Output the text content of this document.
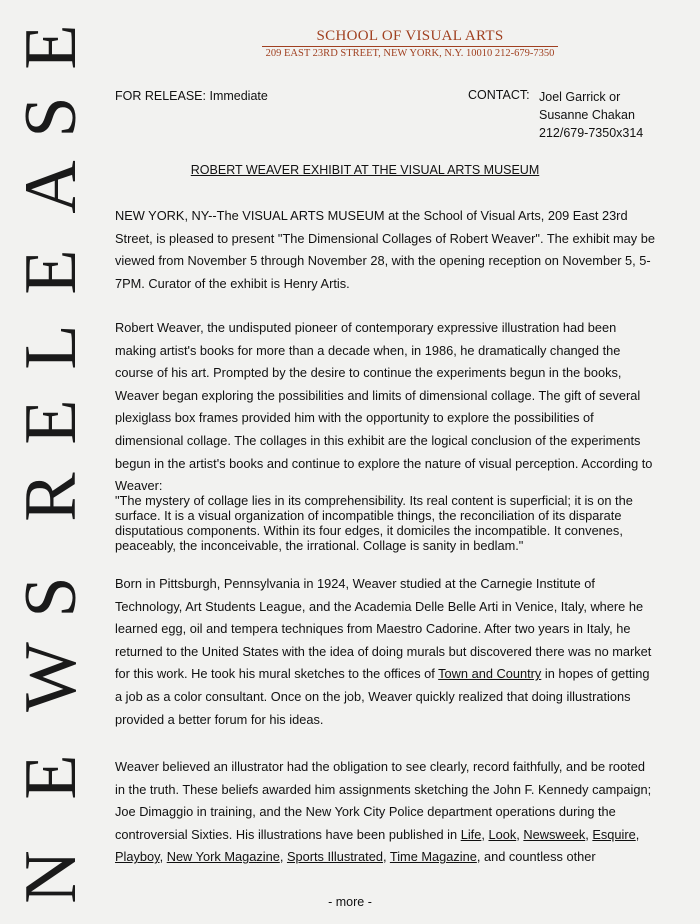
N
E
W
S
R
E
L
E
A
S
E	SCHOOL OF VISUAL ARTS
209 EAST 23RD STREET, NEW YORK, N.Y. 10010 212-679-7350
FOR RELEASE: Immediate	CONTACT: Joel Garrick or
Susanne Chakan
212/679-7350x314
ROBERT WEAVER EXHIBIT AT THE VISUAL ARTS MUSEUM

NEW YORK, NY--The VISUAL ARTS MUSEUM at the School of Visual Arts, 209 East 23rd Street, is pleased to present "The Dimensional Collages of Robert Weaver". The exhibit may be viewed from November 5 through November 28, with the opening reception on November 5, 5-7PM. Curator of the exhibit is Henry Artis.

Robert Weaver, the undisputed pioneer of contemporary expressive illustration had been making artist's books for more than a decade when, in 1986, he dramatically changed the course of his art. Prompted by the desire to continue the experiments begun in the books, Weaver began exploring the possibilities and limits of dimensional collage. The gift of several plexiglass box frames provided him with the opportunity to explore the possibilities of dimensional collage. The collages in this exhibit are the logical conclusion of the experiments begun in the artist's books and continue to explore the nature of visual perception. According to Weaver:

"The mystery of collage lies in its comprehensibility. Its real content is superficial; it is on the surface. It is a visual organization of incompatible things, the reconciliation of its disparate disputatious components. Within its four edges, it domiciles the incompatible. It convenes, peaceably, the inconceivable, the irrational. Collage is sanity in bedlam."

Born in Pittsburgh, Pennsylvania in 1924, Weaver studied at the Carnegie Institute of Technology, Art Students League, and the Academia Delle Belle Arti in Venice, Italy, where he learned egg, oil and tempera techniques from Maestro Cadorine. After two years in Italy, he returned to the United States with the idea of doing murals but discovered there was no market for this work. He took his mural sketches to the offices of Town and Country in hopes of getting a job as a color consultant. Once on the job, Weaver quickly realized that doing illustrations provided a better forum for his ideas.

Weaver believed an illustrator had the obligation to see clearly, record faithfully, and be rooted in the truth. These beliefs awarded him assignments sketching the John F. Kennedy campaign; Joe Dimaggio in training, and the New York City Police department operations during the controversial Sixties. His illustrations have been published in Life, Look, Newsweek, Esquire, Playboy, New York Magazine, Sports Illustrated, Time Magazine, and countless other

- more -
